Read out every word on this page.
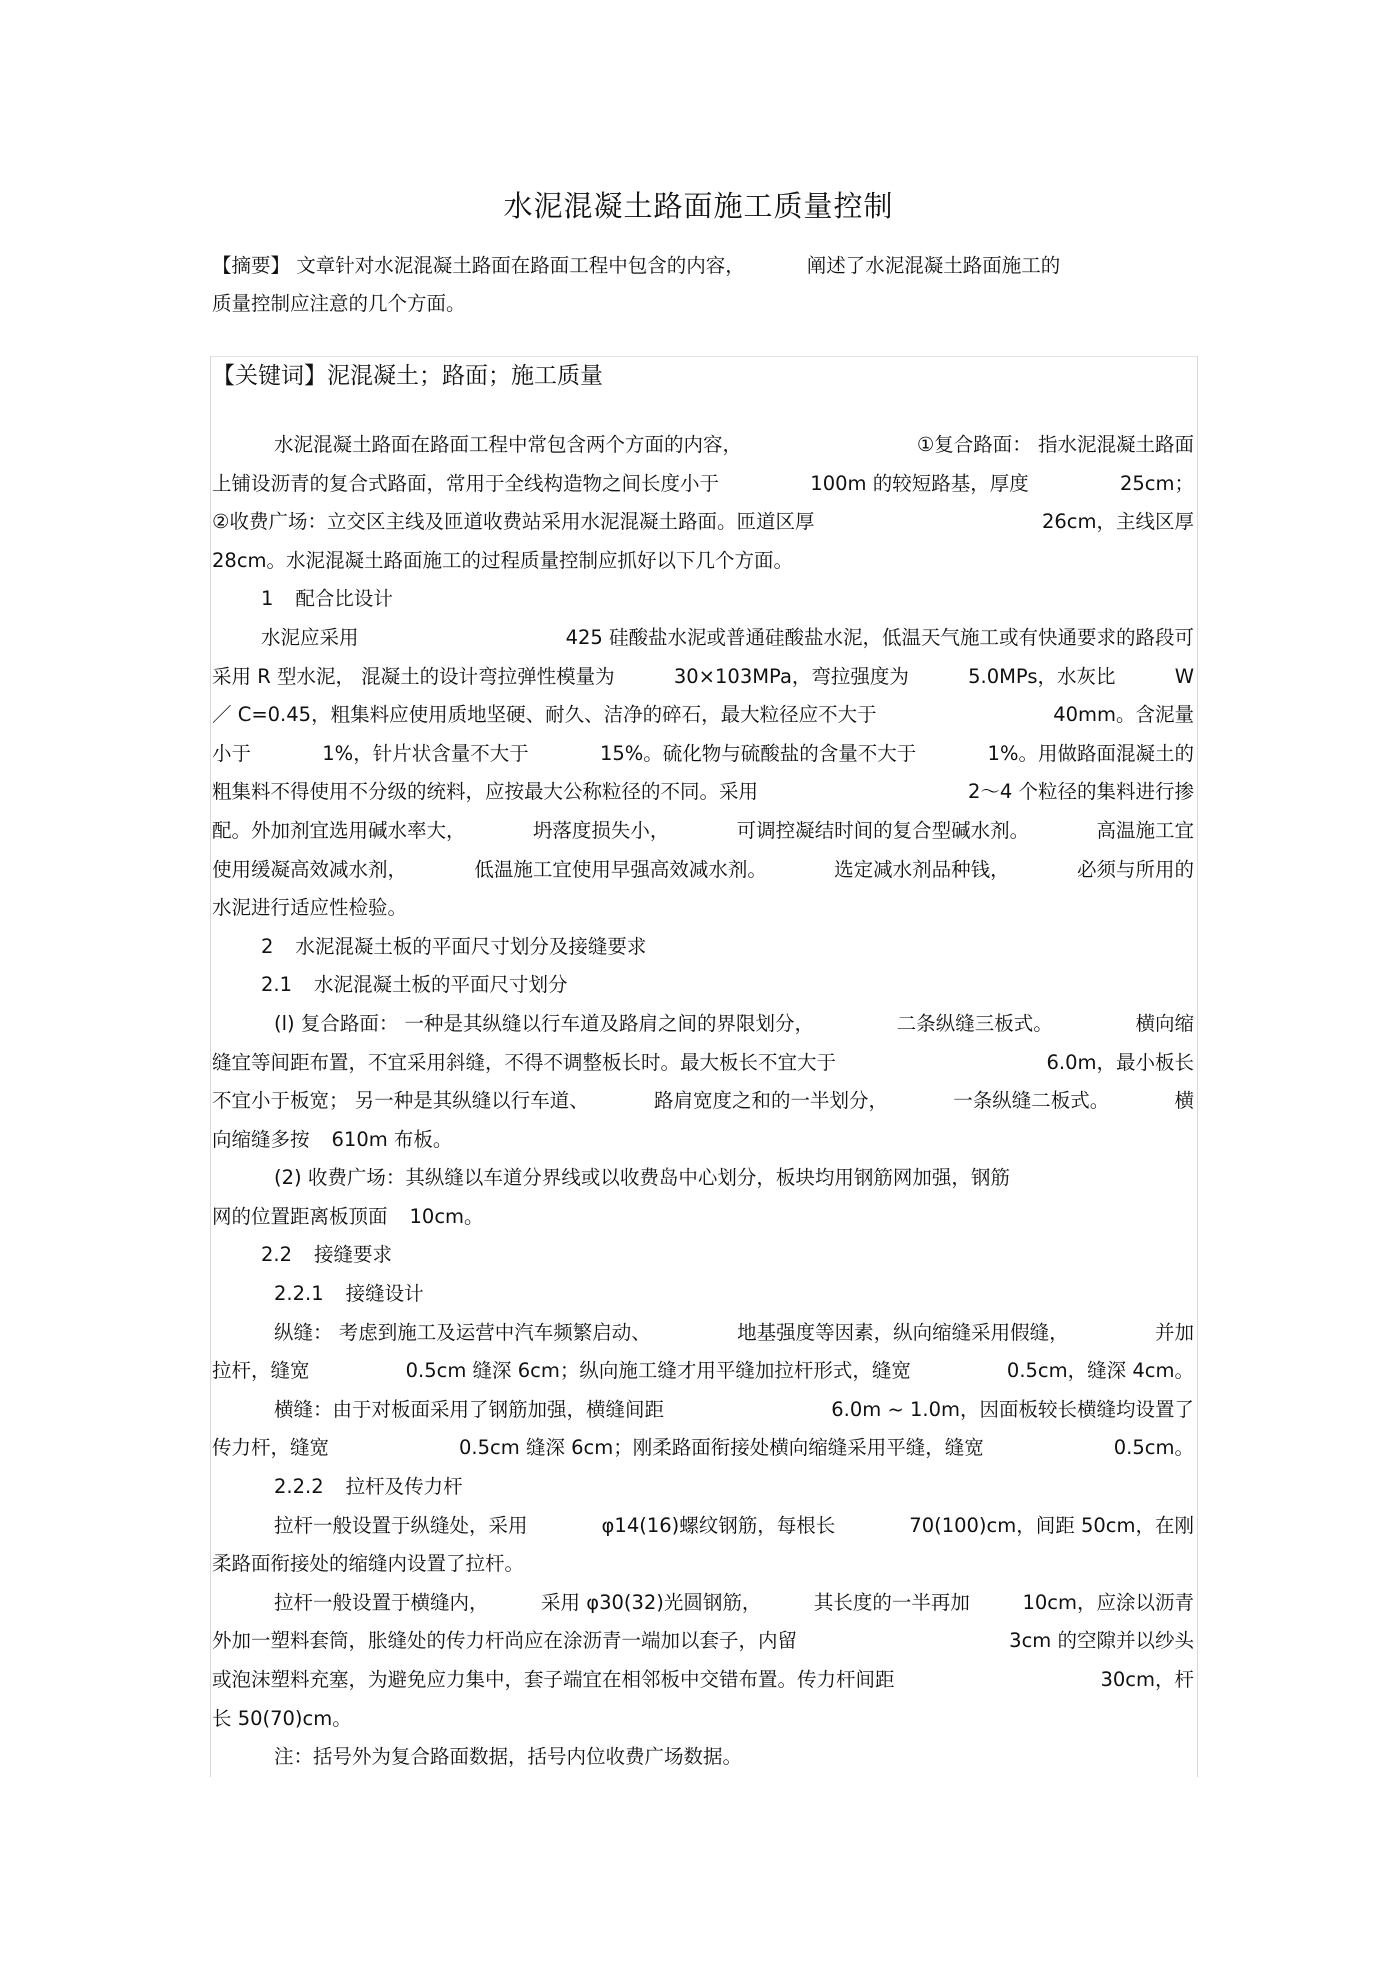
水泥混凝土路面施工质量控制
【摘要】 文章针对水泥混凝土路面在路面工程中包含的内容，	阐述了水泥混凝土路面施工的
质量控制应注意的几个方面。
【关键词】泥混凝土；路面；施工质量
水泥混凝土路面在路面工程中常包含两个方面的内容，	①复合路面： 指水泥混凝土路面
上铺设沥青的复合式路面，常用于全线构造物之间长度小于	100m 的较短路基，厚度	25cm；
②收费广场：立交区主线及匝道收费站采用水泥混凝土路面。匝道区厚	26cm，主线区厚
28cm。水泥混凝土路面施工的过程质量控制应抓好以下几个方面。
1 配合比设计
水泥应采用	425 硅酸盐水泥或普通硅酸盐水泥，低温天气施工或有快通要求的路段可
采用 R 型水泥， 混凝土的设计弯拉弹性模量为	30×103MPa，弯拉强度为	5.0MPs，水灰比	W
／ C=0.45，粗集料应使用质地坚硬、耐久、洁净的碎石，最大粒径应不大于	40mm。含泥量
小于	1%，针片状含量不大于	15%。硫化物与硫酸盐的含量不大于	1%。用做路面混凝土的
粗集料不得使用不分级的统料，应按最大公称粒径的不同。采用	2～4 个粒径的集料进行掺
配。外加剂宜选用碱水率大，	坍落度损失小，	可调控凝结时间的复合型碱水剂。	高温施工宜
使用缓凝高效减水剂，	低温施工宜使用早强高效减水剂。	选定减水剂品种钱，	必须与所用的
水泥进行适应性检验。
2 水泥混凝土板的平面尺寸划分及接缝要求
2.1 水泥混凝土板的平面尺寸划分
(l) 复合路面： 一种是其纵缝以行车道及路肩之间的界限划分，	二条纵缝三板式。	横向缩
缝宜等间距布置，不宜采用斜缝，不得不调整板长时。最大板长不宜大于	6.0m，最小板长
不宜小于板宽； 另一种是其纵缝以行车道、	路肩宽度之和的一半划分，	一条纵缝二板式。	横
向缩缝多按 610m 布板。
(2) 收费广场：其纵缝以车道分界线或以收费岛中心划分，板块均用钢筋网加强，钢筋
网的位置距离板顶面 10cm。
2.2 接缝要求
2.2.1 接缝设计
纵缝： 考虑到施工及运营中汽车频繁启动、	地基强度等因素，纵向缩缝采用假缝，	并加
拉杆，缝宽	0.5cm 缝深 6cm；纵向施工缝才用平缝加拉杆形式，缝宽	0.5cm，缝深 4cm。
横缝：由于对板面采用了钢筋加强，横缝间距	6.0m ~ 1.0m，因面板较长横缝均设置了
传力杆，缝宽	0.5cm 缝深 6cm；刚柔路面衔接处横向缩缝采用平缝，缝宽	0.5cm。
2.2.2 拉杆及传力杆
拉杆一般设置于纵缝处，采用	φ14(16)螺纹钢筋，每根长	70(100)cm，间距 50cm，在刚
柔路面衔接处的缩缝内设置了拉杆。
拉杆一般设置于横缝内，	采用 φ30(32)光圆钢筋，	其长度的一半再加	10cm，应涂以沥青
外加一塑料套筒，胀缝处的传力杆尚应在涂沥青一端加以套子，内留	3cm 的空隙并以纱头
或泡沫塑料充塞，为避免应力集中，套子端宜在相邻板中交错布置。传力杆间距	30cm，杆
长 50(70)cm。
注：括号外为复合路面数据，括号内位收费广场数据。
